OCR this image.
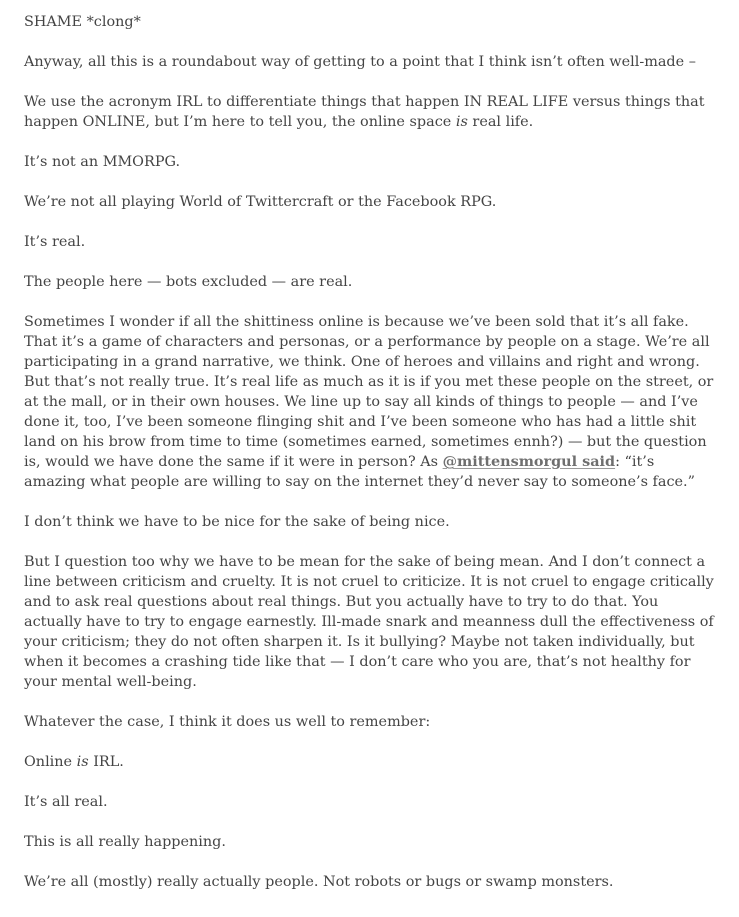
SHAME *clong*

Anyway, all this is a roundabout way of getting to a point that I think isn’t often well-made –

We use the acronym IRL to differentiate things that happen IN REAL LIFE versus things that happen ONLINE, but I’m here to tell you, the online space is real life.

It’s not an MMORPG.

We’re not all playing World of Twittercraft or the Facebook RPG.

It’s real.

The people here — bots excluded — are real.

Sometimes I wonder if all the shittiness online is because we’ve been sold that it’s all fake. That it’s a game of characters and personas, or a performance by people on a stage. We’re all participating in a grand narrative, we think. One of heroes and villains and right and wrong. But that’s not really true. It’s real life as much as it is if you met these people on the street, or at the mall, or in their own houses. We line up to say all kinds of things to people — and I’ve done it, too, I’ve been someone flinging shit and I’ve been someone who has had a little shit land on his brow from time to time (sometimes earned, sometimes ennh?) — but the question is, would we have done the same if it were in person? As @mittensmorgul said: “it’s amazing what people are willing to say on the internet they’d never say to someone’s face.”

I don’t think we have to be nice for the sake of being nice.

But I question too why we have to be mean for the sake of being mean. And I don’t connect a line between criticism and cruelty. It is not cruel to criticize. It is not cruel to engage critically and to ask real questions about real things. But you actually have to try to do that. You actually have to try to engage earnestly. Ill-made snark and meanness dull the effectiveness of your criticism; they do not often sharpen it. Is it bullying? Maybe not taken individually, but when it becomes a crashing tide like that — I don’t care who you are, that’s not healthy for your mental well-being.

Whatever the case, I think it does us well to remember:

Online is IRL.

It’s all real.

This is all really happening.

We’re all (mostly) really actually people. Not robots or bugs or swamp monsters.
